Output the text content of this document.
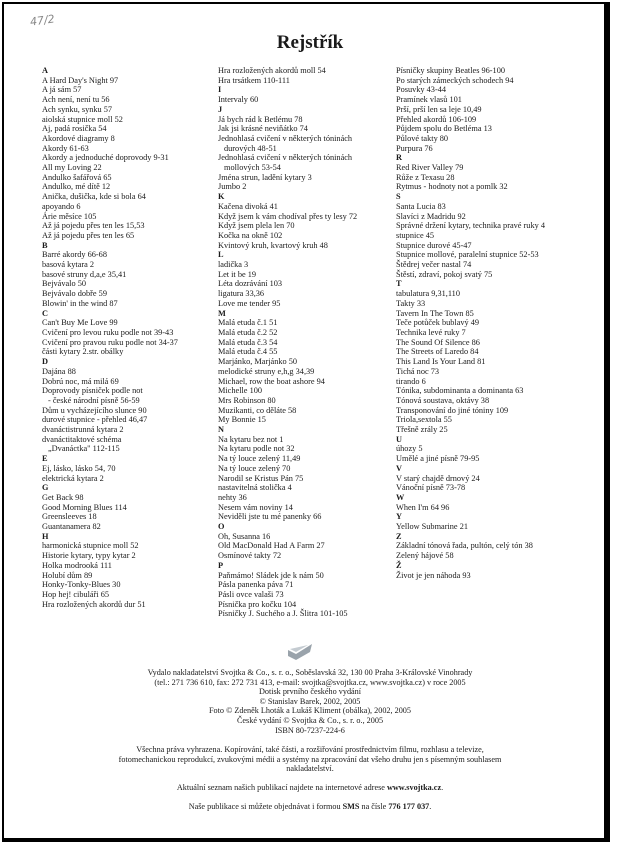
47/2
Rejstřík
A
A Hard Day's Night 97
A já sám 57
Ach není, není tu 56
Ach synku, synku 57
aiolská stupnice moll 52
Aj, padá rosička 54
Akordové diagramy 8
Akordy 61-63
Akordy a jednoduché doprovody 9-31
All my Loving 22
Andulko šafářová 65
Andulko, mé dítě 12
Anička, dušička, kde si bola 64
apoyando 6
Árie měsíce 105
Až já pojedu přes ten les 15,53
Až já pojedu přes ten les 65
B
Barré akordy 66-68
basová kytara 2
basové struny d,a,e 35,41
Bejvávalo 50
Bejvávalo dobře 59
Blowin' in the wind 87
C
Can't Buy Me Love 99
Cvičení pro levou ruku podle not 39-43
Cvičení pro pravou ruku podle not 34-37
části kytary 2.str. obálky
D
Dajána 88
Dobrú noc, má milá 69
Doprovody písniček podle not
- české národní písně 56-59
Dům u vycházejícího slunce 90
durové stupnice - přehled 46,47
dvanáctistrunná kytara 2
dvanáctitaktové schéma
„Dvanáctka" 112-115
E
Ej, lásko, lásko 54, 70
elektrická kytara 2
G
Get Back 98
Good Morning Blues 114
Greensleeves 18
Guantanamera 82
H
harmonická stupnice moll 52
Historie kytary, typy kytar 2
Holka modrooká 111
Holubí dům 89
Honky-Tonky-Blues 30
Hop hej! cibuláři 65
Hra rozložených akordů dur 51
Hra rozložených akordů moll 54
Hra trsátkem 110-111
I
Intervaly 60
J
Já bych rád k Betlému 78
Jak jsi krásné neviňátko 74
Jednohlasá cvičení v některých tóninách
durových 48-51
Jednohlasá cvičení v některých tóninách
mollových 53-54
Jména strun, ladění kytary 3
Jumbo 2
K
Kačena divoká 41
Když jsem k vám chodíval přes ty lesy 72
Když jsem plela len 70
Kočka na okně 102
Kvintový kruh, kvartový kruh 48
L
ladička 3
Let it be 19
Léta dozrávání 103
ligatura 33,36
Love me tender 95
M
Malá etuda č.1 51
Malá etuda č.2 52
Malá etuda č.3 54
Malá etuda č.4 55
Marjánko, Marjánko 50
melodické struny e,h,g 34,39
Michael, row the boat ashore 94
Michelle 100
Mrs Robinson 80
Muzikanti, co děláte 58
My Bonnie 15
N
Na kytaru bez not 1
Na kytaru podle not 32
Na tý louce zelený 11,49
Na tý louce zelený 70
Narodil se Kristus Pán 75
nastavitelná stolička 4
nehty 36
Nesem vám noviny 14
Neviděli jste tu mé panenky 66
O
Oh, Susanna 16
Old MacDonald Had A Farm 27
Osmínové takty 72
P
Paňmámo! Sládek jde k nám 50
Pásla panenka páva 71
Pásli ovce valaši 73
Písnička pro kočku 104
Písničky J. Suchého a J. Šlitra 101-105
Písničky skupiny Beatles 96-100
Po starých zámeckých schodech 94
Posuvky 43-44
Pramínek vlasů 101
Prší, prší len sa leje 10,49
Přehled akordů 106-109
Půjdem spolu do Betléma 13
Půlové takty 80
Purpura 76
R
Red River Valley 79
Růže z Texasu 28
Rytmus - hodnoty not a pomlk 32
S
Santa Lucia 83
Slavíci z Madridu 92
Správné držení kytary, technika pravé ruky 4
stupnice 45
Stupnice durové 45-47
Stupnice mollové, paralelní stupnice 52-53
Štědrej večer nastal 74
Štěstí, zdraví, pokoj svatý 75
T
tabulatura 9,31,110
Takty 33
Tavern In The Town 85
Teče potůček bublavý 49
Technika levé ruky 7
The Sound Of Silence 86
The Streets of Laredo 84
This Land Is Your Land 81
Tichá noc 73
tirando 6
Tónika, subdominanta a dominanta 63
Tónová soustava, oktávy 38
Transponování do jiné tóniny 109
Triola,sextola 55
Třešně zrály 25
U
úhozy 5
Umělé a jiné písně 79-95
V
V starý chajdě drnový 24
Vánoční písně 73-78
W
When I'm 64 96
Y
Yellow Submarine 21
Z
Základní tónová řada, pultón, celý tón 38
Zelený hájové 58
Ž
Život je jen náhoda 93
Vydalo nakladatelství Svojtka & Co., s. r. o., Soběslavská 32, 130 00 Praha 3-Královské Vinohrady
(tel.: 271 736 610, fax: 272 731 413, e-mail: svojtka@svojtka.cz, www.svojtka.cz) v roce 2005
Dotisk prvního českého vydání
© Stanislav Barek, 2002, 2005
Foto © Zdeněk Lhoták a Lukáš Kliment (obálka), 2002, 2005
České vydání © Svojtka & Co., s. r. o., 2005
ISBN 80-7237-224-6
Všechna práva vyhrazena. Kopírování, také části, a rozšiřování prostřednictvím filmu, rozhlasu a televize,
fotomechanickou reprodukcí, zvukovými médii a systémy na zpracování dat všeho druhu jen s písemným souhlasem
nakladatelství.
Aktuální seznam našich publikací najdete na internetové adrese www.svojtka.cz.
Naše publikace si můžete objednávat i formou SMS na čísle 776 177 037.
